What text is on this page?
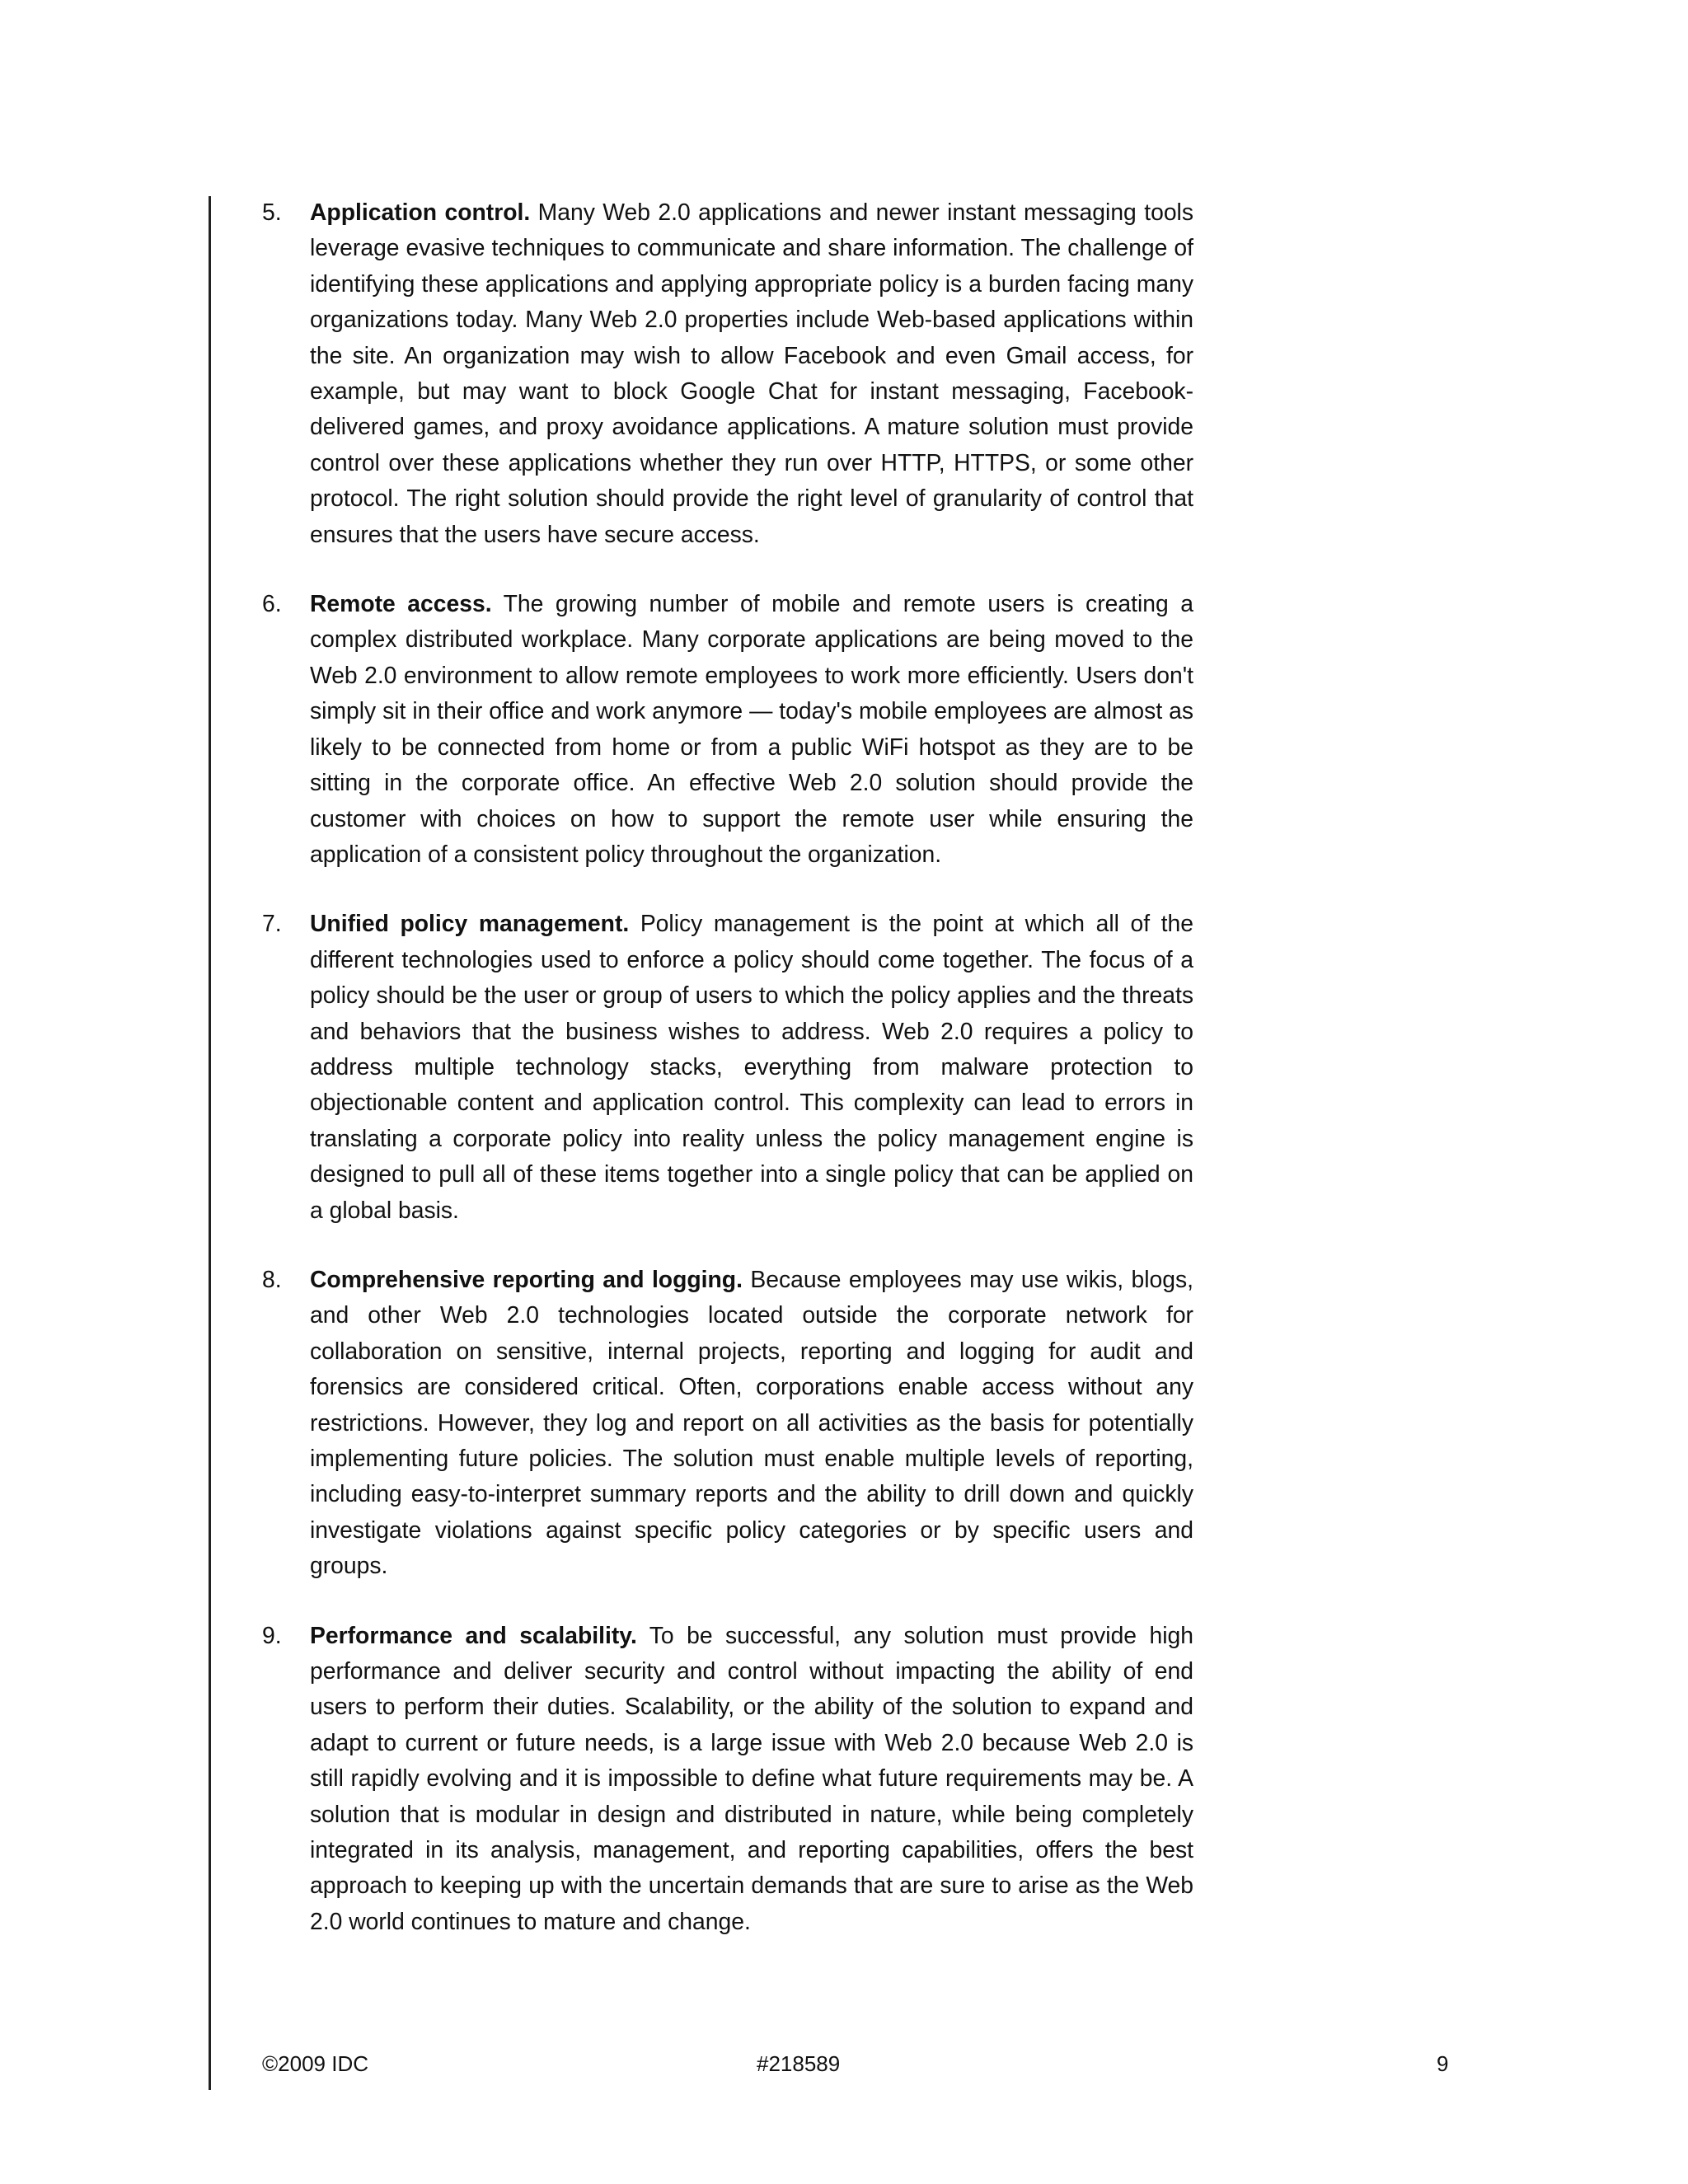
5.	Application control. Many Web 2.0 applications and newer instant messaging tools leverage evasive techniques to communicate and share information. The challenge of identifying these applications and applying appropriate policy is a burden facing many organizations today. Many Web 2.0 properties include Web-based applications within the site. An organization may wish to allow Facebook and even Gmail access, for example, but may want to block Google Chat for instant messaging, Facebook-delivered games, and proxy avoidance applications. A mature solution must provide control over these applications whether they run over HTTP, HTTPS, or some other protocol. The right solution should provide the right level of granularity of control that ensures that the users have secure access.
6.	Remote access. The growing number of mobile and remote users is creating a complex distributed workplace. Many corporate applications are being moved to the Web 2.0 environment to allow remote employees to work more efficiently. Users don't simply sit in their office and work anymore — today's mobile employees are almost as likely to be connected from home or from a public WiFi hotspot as they are to be sitting in the corporate office. An effective Web 2.0 solution should provide the customer with choices on how to support the remote user while ensuring the application of a consistent policy throughout the organization.
7.	Unified policy management. Policy management is the point at which all of the different technologies used to enforce a policy should come together. The focus of a policy should be the user or group of users to which the policy applies and the threats and behaviors that the business wishes to address. Web 2.0 requires a policy to address multiple technology stacks, everything from malware protection to objectionable content and application control. This complexity can lead to errors in translating a corporate policy into reality unless the policy management engine is designed to pull all of these items together into a single policy that can be applied on a global basis.
8.	Comprehensive reporting and logging. Because employees may use wikis, blogs, and other Web 2.0 technologies located outside the corporate network for collaboration on sensitive, internal projects, reporting and logging for audit and forensics are considered critical. Often, corporations enable access without any restrictions. However, they log and report on all activities as the basis for potentially implementing future policies. The solution must enable multiple levels of reporting, including easy-to-interpret summary reports and the ability to drill down and quickly investigate violations against specific policy categories or by specific users and groups.
9.	Performance and scalability. To be successful, any solution must provide high performance and deliver security and control without impacting the ability of end users to perform their duties. Scalability, or the ability of the solution to expand and adapt to current or future needs, is a large issue with Web 2.0 because Web 2.0 is still rapidly evolving and it is impossible to define what future requirements may be. A solution that is modular in design and distributed in nature, while being completely integrated in its analysis, management, and reporting capabilities, offers the best approach to keeping up with the uncertain demands that are sure to arise as the Web 2.0 world continues to mature and change.
©2009 IDC	#218589	9
